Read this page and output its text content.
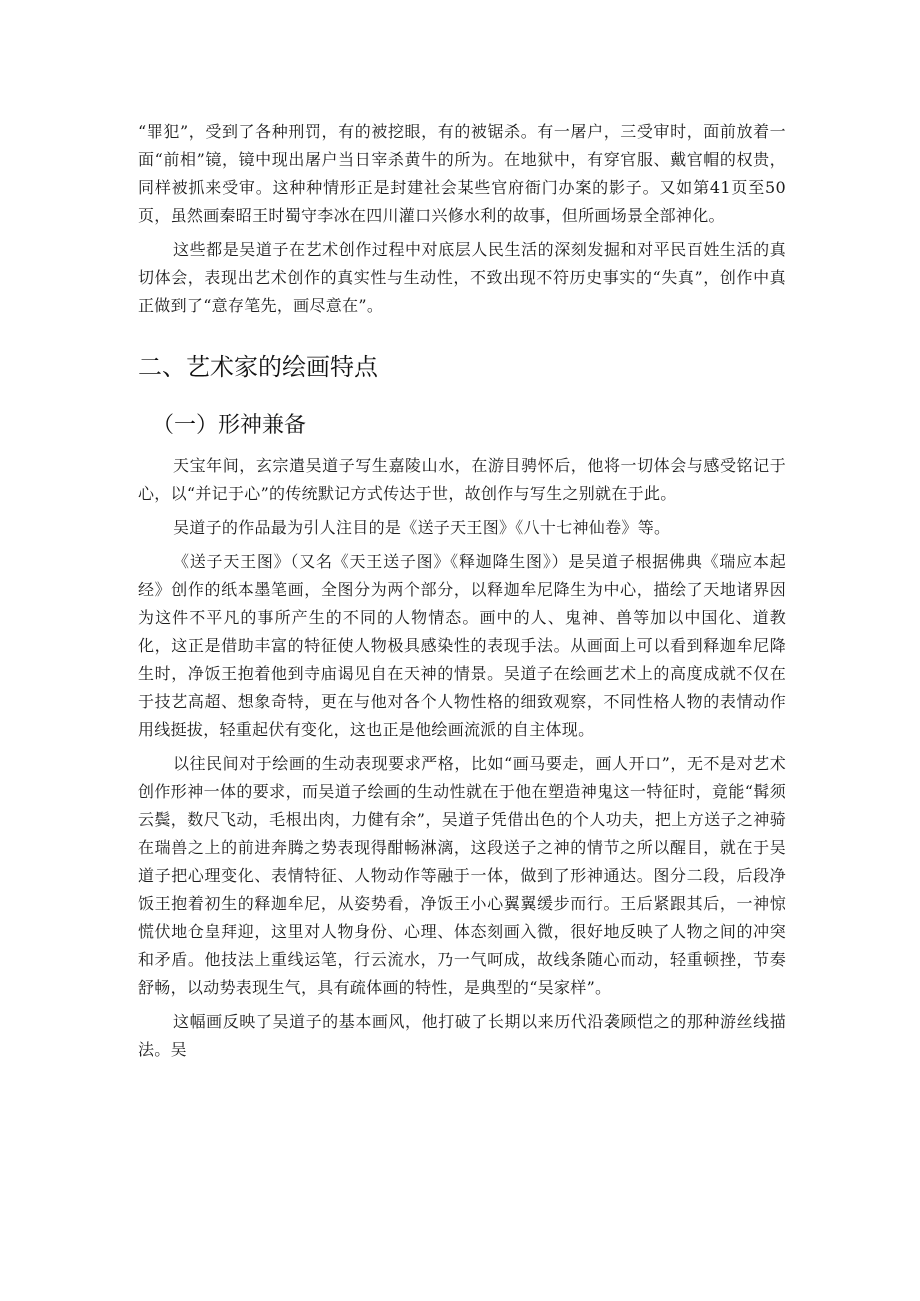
“罪犯”，受到了各种刑罚，有的被挖眼，有的被锯杀。有一屠户，三受审时，面前放着一面“前相”镜，镜中现出屠户当日宰杀黄牛的所为。在地狱中，有穿官服、戴官帽的权贵，同样被抓来受审。这种种情形正是封建社会某些官府衙门办案的影子。又如第41页至50页，虽然画秦昭王时蜀守李冰在四川灌口兴修水利的故事，但所画场景全部神化。

这些都是吴道子在艺术创作过程中对底层人民生活的深刻发掘和对平民百姓生活的真切体会，表现出艺术创作的真实性与生动性，不致出现不符历史事实的“失真”，创作中真正做到了“意存笔先，画尽意在”。

二、艺术家的绘画特点
（一）形神兼备

天宝年间，玄宗遣吴道子写生嘉陵山水，在游目骋怀后，他将一切体会与感受铭记于心，以“并记于心”的传统默记方式传达于世，故创作与写生之别就在于此。

吴道子的作品最为引人注目的是《送子天王图》《八十七神仙卷》等。

《送子天王图》（又名《天王送子图》《释迦降生图》）是吴道子根据佛典《瑞应本起经》创作的纸本墨笔画，全图分为两个部分，以释迦牟尼降生为中心，描绘了天地诸界因为这件不平凡的事所产生的不同的人物情态。画中的人、鬼神、兽等加以中国化、道教化，这正是借助丰富的特征使人物极具感染性的表现手法。从画面上可以看到释迦牟尼降生时，净饭王抱着他到寺庙谒见自在天神的情景。吴道子在绘画艺术上的高度成就不仅在于技艺高超、想象奇特，更在与他对各个人物性格的细致观察，不同性格人物的表情动作用线挺拔，轻重起伏有变化，这也正是他绘画流派的自主体现。

以往民间对于绘画的生动表现要求严格，比如“画马要走，画人开口”，无不是对艺术创作形神一体的要求，而吴道子绘画的生动性就在于他在塑造神鬼这一特征时，竟能“髯须云鬓，数尺飞动，毛根出肉，力健有余”，吴道子凭借出色的个人功夫，把上方送子之神骑在瑞兽之上的前进奔腾之势表现得酣畅淋漓，这段送子之神的情节之所以醒目，就在于吴道子把心理变化、表情特征、人物动作等融于一体，做到了形神通达。图分二段，后段净饭王抱着初生的释迦牟尼，从姿势看，净饭王小心翼翼缓步而行。王后紧跟其后，一神惊慌伏地仓皇拜迎，这里对人物身份、心理、体态刻画入微，很好地反映了人物之间的冲突和矛盾。他技法上重线运笔，行云流水，乃一气呵成，故线条随心而动，轻重顿挫，节奏舒畅，以动势表现生气，具有疏体画的特性，是典型的“吴家样”。

这幅画反映了吴道子的基本画风，他打破了长期以来历代沿袭顾恺之的那种游丝线描法。吴
